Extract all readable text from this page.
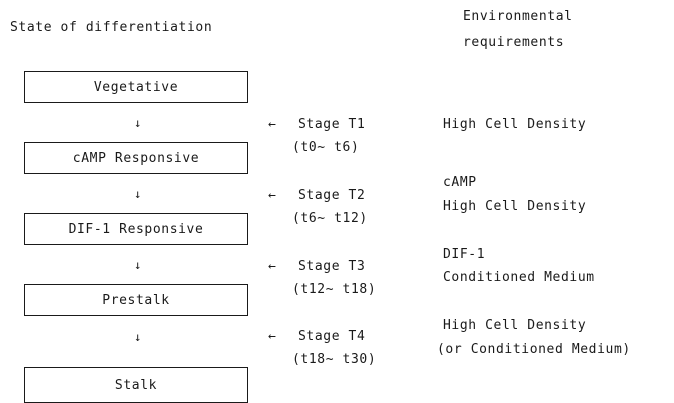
State of differentiation
Environmental
requirements
Vegetative
cAMP Responsive
DIF-1 Responsive
Prestalk
Stalk
↓
↓
↓
↓
←	Stage T1
(t0~ t6)
High Cell Density
←	Stage T2
(t6~ t12)
cAMP
High Cell Density
←	Stage T3
(t12~ t18)
DIF-1
Conditioned Medium
←	Stage T4
(t18~ t30)
High Cell Density
(or Conditioned Medium)
